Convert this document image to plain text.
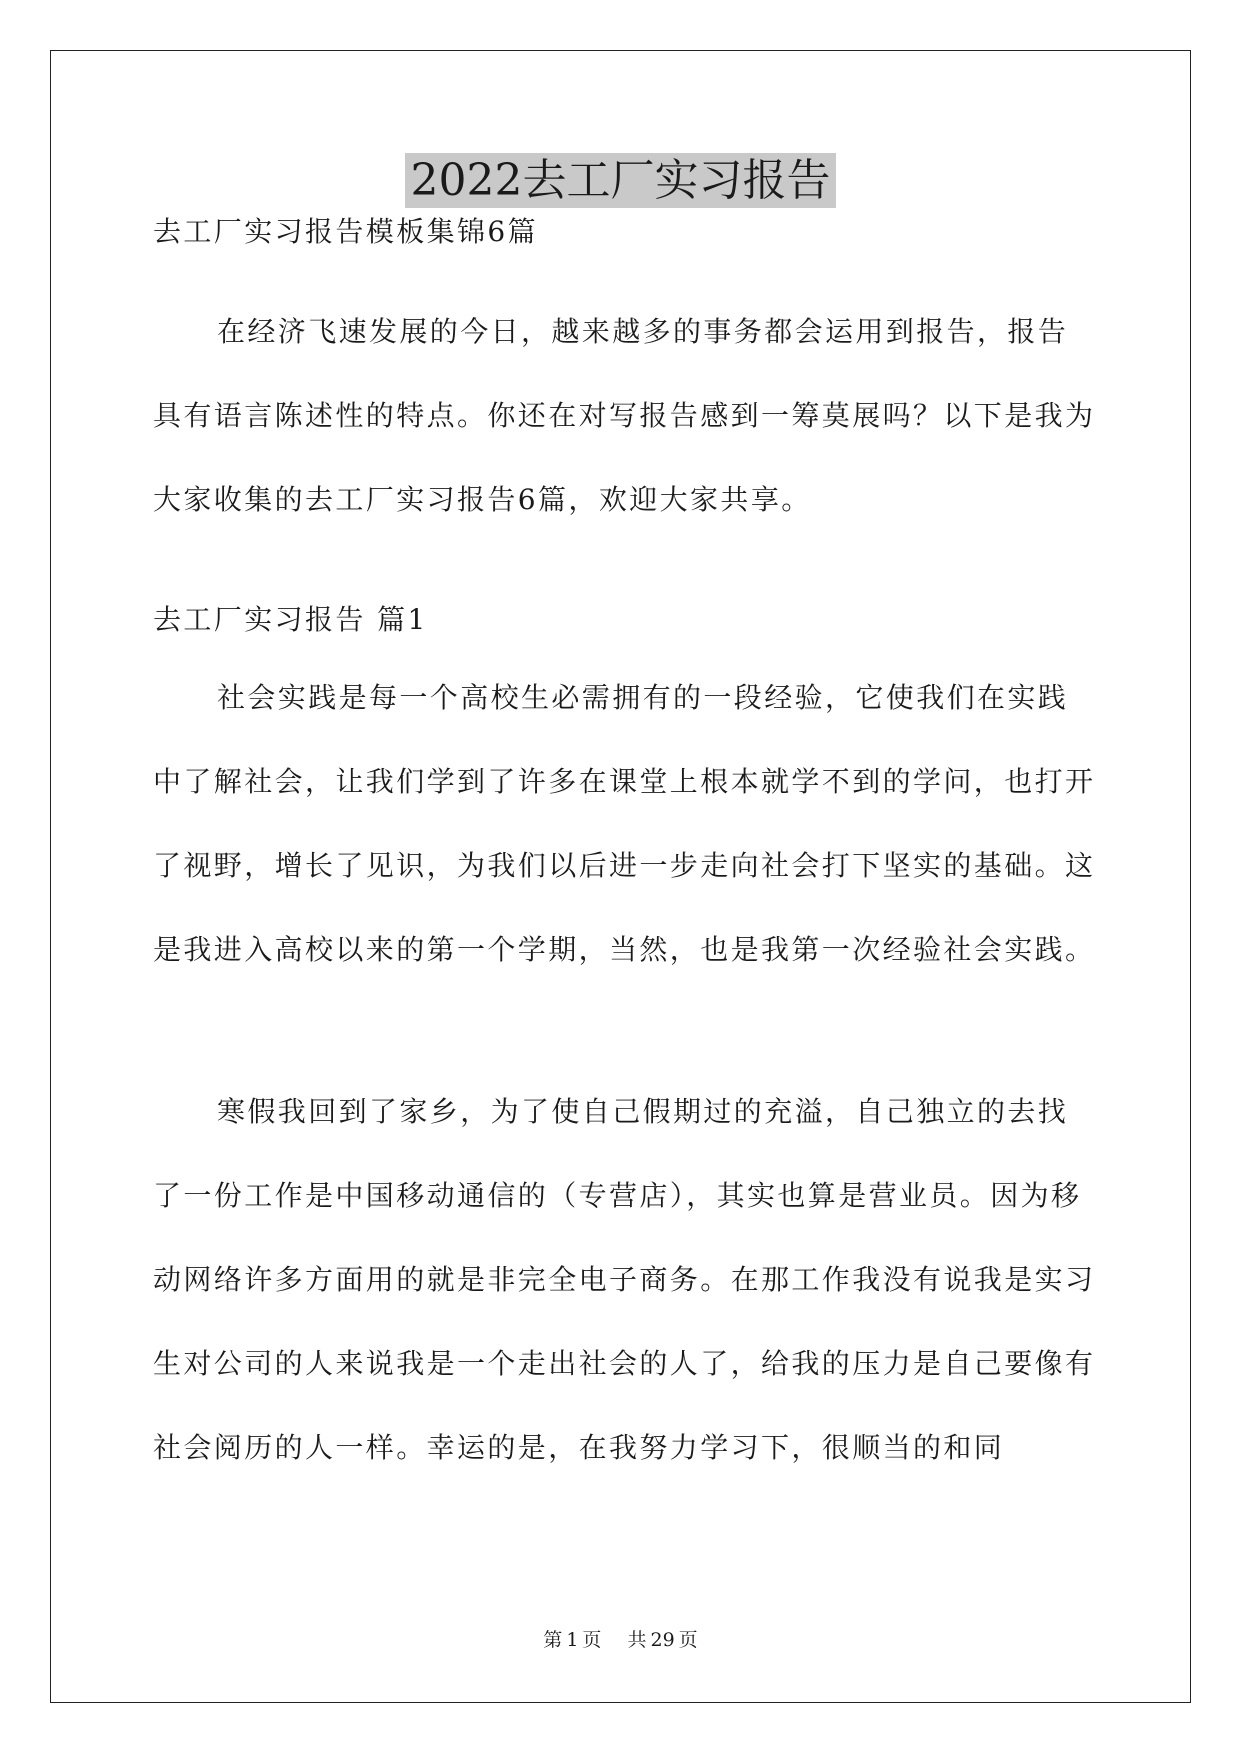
2022去工厂实习报告

去工厂实习报告模板集锦6篇

在经济飞速发展的今日，越来越多的事务都会运用到报告，报告具有语言陈述性的特点。你还在对写报告感到一筹莫展吗？以下是我为大家收集的去工厂实习报告6篇，欢迎大家共享。

去工厂实习报告 篇1

社会实践是每一个高校生必需拥有的一段经验，它使我们在实践中了解社会，让我们学到了许多在课堂上根本就学不到的学问，也打开了视野，增长了见识，为我们以后进一步走向社会打下坚实的基础。这是我进入高校以来的第一个学期，当然，也是我第一次经验社会实践。

寒假我回到了家乡，为了使自己假期过的充溢，自己独立的去找了一份工作是中国移动通信的（专营店），其实也算是营业员。因为移动网络许多方面用的就是非完全电子商务。在那工作我没有说我是实习生对公司的人来说我是一个走出社会的人了，给我的压力是自己要像有社会阅历的人一样。幸运的是，在我努力学习下，很顺当的和同

第 1 页 共 29 页
